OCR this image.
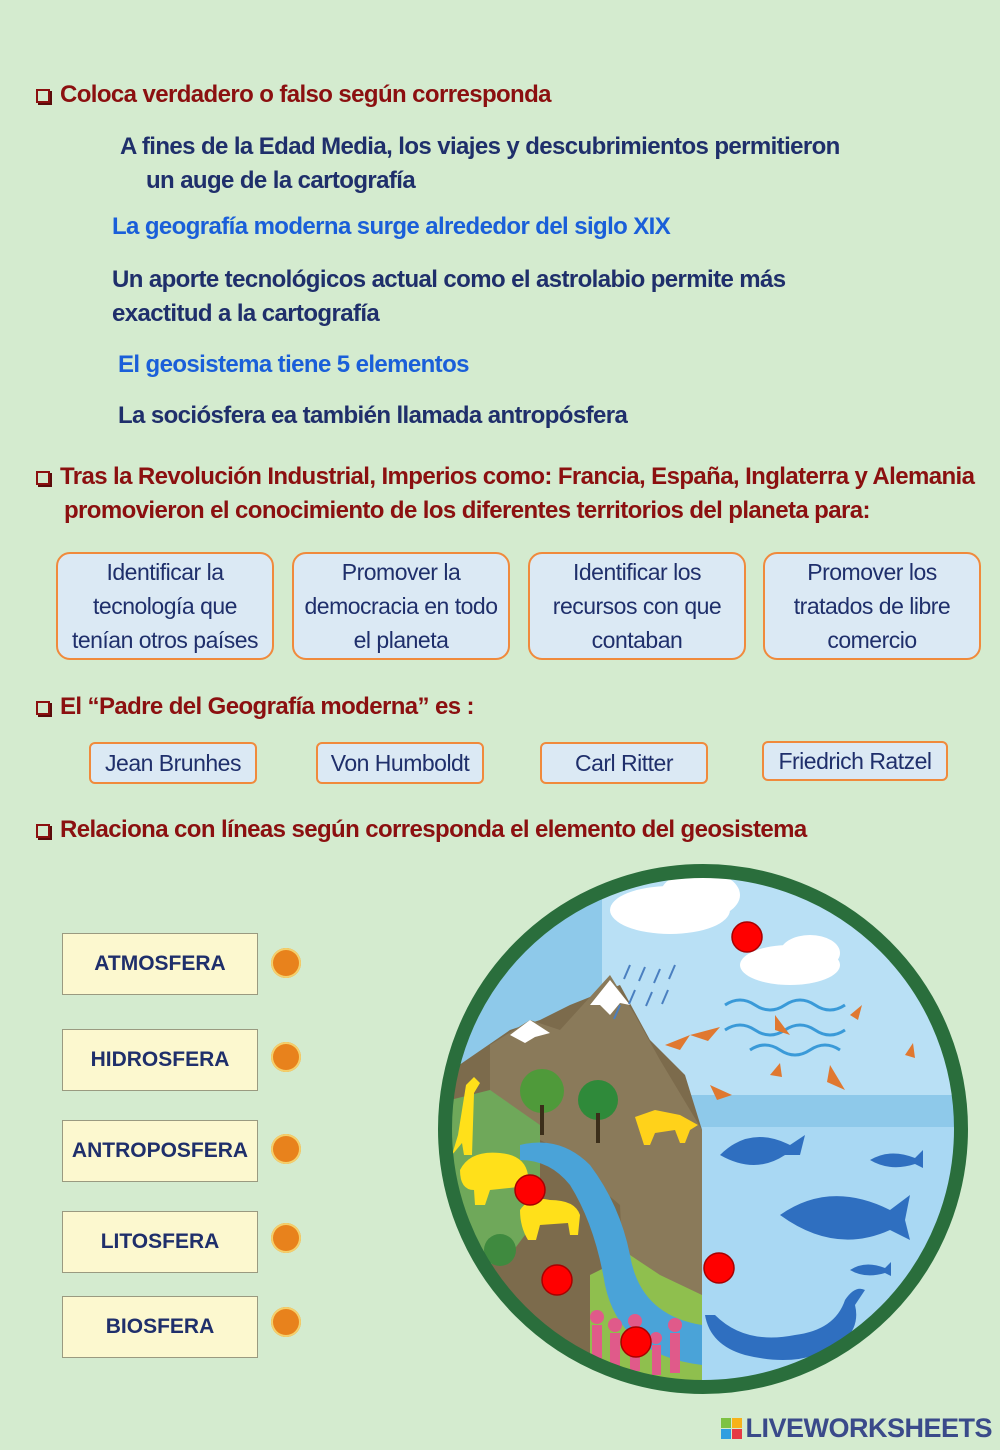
Coloca verdadero o falso según corresponda
A fines de la Edad Media, los viajes y descubrimientos permitieron
un auge de la cartografía
La geografía moderna surge alrededor del siglo XIX
Un aporte tecnológicos actual como el astrolabio permite más
exactitud a la cartografía
El geosistema tiene 5 elementos
La sociósfera ea también llamada antropósfera
Tras la Revolución Industrial, Imperios como: Francia, España, Inglaterra y Alemania
promovieron el conocimiento de los diferentes territorios del planeta para:
Identificar la tecnología que tenían otros países
Promover la democracia en todo el planeta
Identificar los recursos con que contaban
Promover los tratados de libre comercio
El “Padre del Geografía moderna” es :
Jean Brunhes	Von Humboldt	Carl Ritter	Friedrich Ratzel
Relaciona con líneas según corresponda el elemento del geosistema
ATMOSFERA
HIDROSFERA
ANTROPOSFERA
LITOSFERA
BIOSFERA
LIVEWORKSHEETS
